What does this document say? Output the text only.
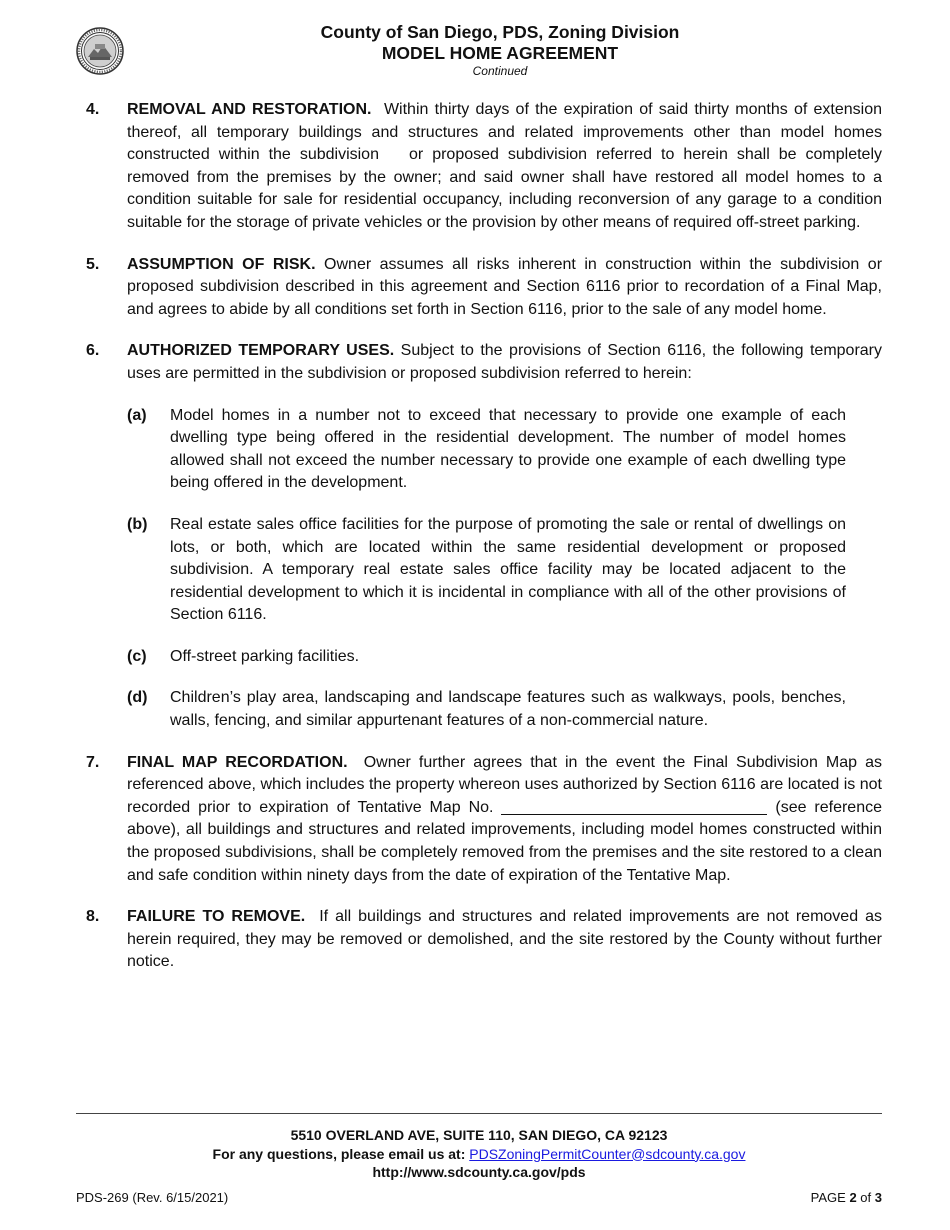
County of San Diego, PDS, Zoning Division
MODEL HOME AGREEMENT
Continued
4. REMOVAL AND RESTORATION. Within thirty days of the expiration of said thirty months of extension thereof, all temporary buildings and structures and related improvements other than model homes constructed within the subdivision or proposed subdivision referred to herein shall be completely removed from the premises by the owner; and said owner shall have restored all model homes to a condition suitable for sale for residential occupancy, including reconversion of any garage to a condition suitable for the storage of private vehicles or the provision by other means of required off-street parking.

5. ASSUMPTION OF RISK. Owner assumes all risks inherent in construction within the subdivision or proposed subdivision described in this agreement and Section 6116 prior to recordation of a Final Map, and agrees to abide by all conditions set forth in Section 6116, prior to the sale of any model home.

6. AUTHORIZED TEMPORARY USES. Subject to the provisions of Section 6116, the following temporary uses are permitted in the subdivision or proposed subdivision referred to herein:

(a) Model homes in a number not to exceed that necessary to provide one example of each dwelling type being offered in the residential development. The number of model homes allowed shall not exceed the number necessary to provide one example of each dwelling type being offered in the development.

(b) Real estate sales office facilities for the purpose of promoting the sale or rental of dwellings on lots, or both, which are located within the same residential development or proposed subdivision. A temporary real estate sales office facility may be located adjacent to the residential development to which it is incidental in compliance with all of the other provisions of Section 6116.

(c) Off-street parking facilities.

(d) Children’s play area, landscaping and landscape features such as walkways, pools, benches, walls, fencing, and similar appurtenant features of a non-commercial nature.

7. FINAL MAP RECORDATION. Owner further agrees that in the event the Final Subdivision Map as referenced above, which includes the property whereon uses authorized by Section 6116 are located is not recorded prior to expiration of Tentative Map No.	(see reference above), all buildings and structures and related improvements, including model homes constructed within the proposed subdivisions, shall be completely removed from the premises and the site restored to a clean and safe condition within ninety days from the date of expiration of the Tentative Map.

8. FAILURE TO REMOVE. If all buildings and structures and related improvements are not removed as herein required, they may be removed or demolished, and the site restored by the County without further notice.

5510 OVERLAND AVE, SUITE 110, SAN DIEGO, CA 92123
For any questions, please email us at: PDSZoningPermitCounter@sdcounty.ca.gov
http://www.sdcounty.ca.gov/pds
PDS-269 (Rev. 6/15/2021)	PAGE 2 of 3
